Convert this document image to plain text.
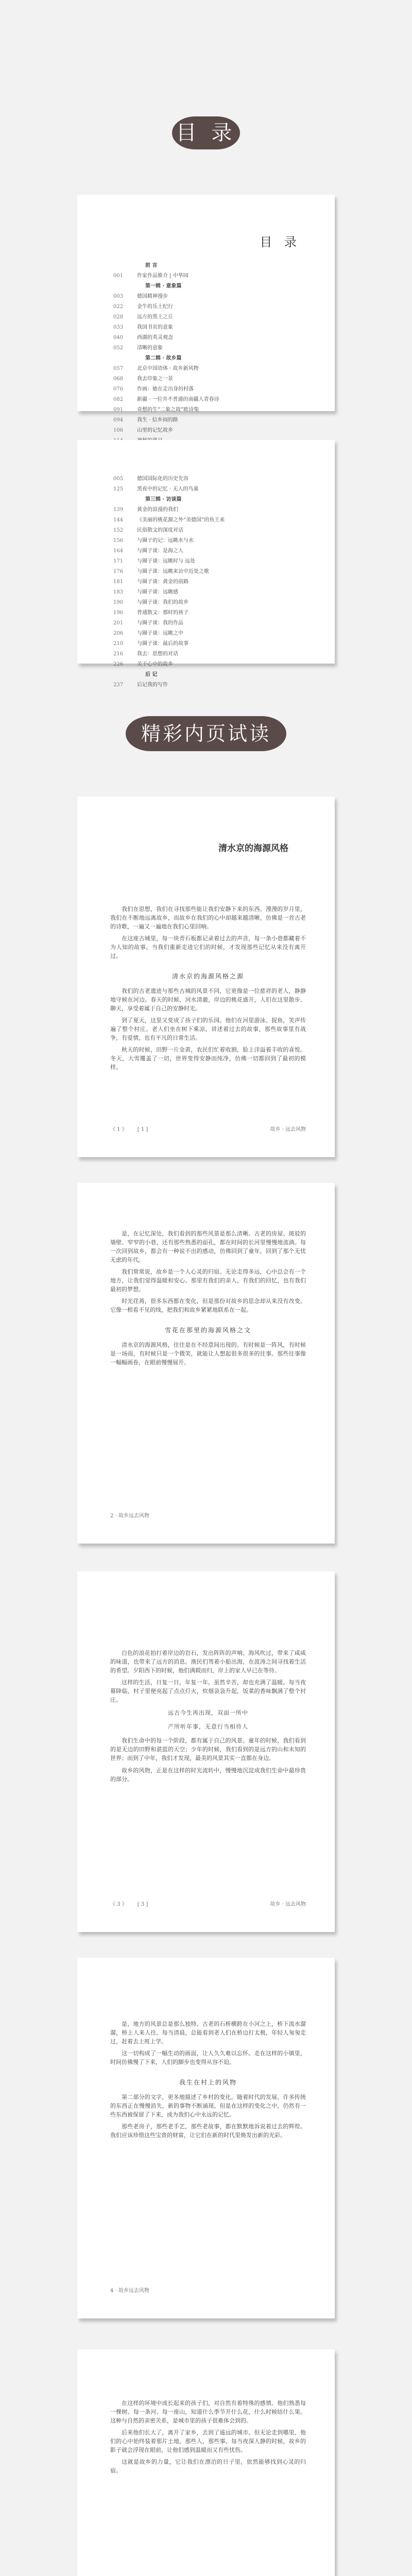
目 录
目 录
前 言
001	作家作品推介 | 中华园
第一辑 · 意象篇
003	德国精神漫步
022	金牛的乐土纪行
028	远方的黑土之丘
033	我国书页的意象
040	西湖的英灵观念
052	清晰的意象
第二辑 · 故乡篇
057	北京中国语体 · 故乡新风物
068	我去印象之一景
076	作画：她在走出身的村落
082	新疆 · 一位并不普通的南疆人青春诗
091	奇想的生“二象之故”欧诗集
094	我生 · 信乡间的路
106	山里的记忆故乡
005	德国国际化的历史先容
125	黑夜中的记忆 · 无人的鸟巢
第三辑 · 访谈篇
139	黄金的浪漫的我们
144	《美丽的桃花源之外“美德国”的鱼王来
152	民俗散文的深度对话
156	与圈子的记：远眺水与水
164	与圈子谈：是海之人
171	与圈子谈：远眺时与 远处
176	与圈子谈：远眺来访中近处之歌
181	与圈子谈：黄金的前路
183	与圈子谈：远眺感
190	与圈子谈：我们的故乡
196	普通散文：那时的孩子
201	与圈子谈：我的作品
206	与圈子谈：远眺之中
210	与圈子谈：最后的故事
216	我去：思想的对话
226	关于心中的故乡
后 记
237	后记我的写作
精彩内页试读
清水京的海源风格

我们在思想，我们在寻找那些能让我们安静下来的东西。漫漫的岁月里，我们在不断地远离故乡，而故乡在我们的心中却越来越清晰，仿佛是一首古老的诗歌，一遍又一遍地在我们心里回响。

在这座古城里，每一块青石板都记录着过去的声音，每一条小巷都藏着不为人知的故事。当我们重新走进它们的时候，才发现那些记忆从来没有离开过。

清水京的海源风格之源

我们的古老遗迹与那些古城的风景不同，它更像是一位慈祥的老人，静静地守候在河边。春天的时候，河水清澈，岸边的桃花盛开，人们在这里散步、聊天，享受着属于自己的安静时光。

到了夏天，这里又变成了孩子们的乐园。他们在河里游泳、捉鱼，笑声传遍了整个村庄。老人们坐在树下乘凉，讲述着过去的故事，那些故事里有战争，有爱情，也有平凡的日常生活。

秋天的时候，田野一片金黄，农民们忙着收割，脸上洋溢着丰收的喜悦。冬天，大雪覆盖了一切，世界变得安静而纯净，仿佛一切都回到了最初的模样。

《 1 》 [ 1 ]	故乡 · 远去风物

是，在记忆深处，我们看到的那些风景是那么清晰。古老的房屋、斑驳的墙壁、窄窄的小巷，还有那些熟悉的面孔，都在时间的长河里慢慢地流淌。每一次回到故乡，都会有一种说不出的感动，仿佛回到了童年，回到了那个无忧无虑的年代。

我们常常说，故乡是一个人心灵的归宿。无论走得多远，心中总会有一个地方，让我们觉得温暖和安心。那里有我们的亲人，有我们的回忆，也有我们最初的梦想。

时光荏苒，很多东西都在变化，但是那份对故乡的思念却从来没有改变。它像一根看不见的线，把我们和故乡紧紧地联系在一起。

雪花在那里的海源风格之文

清水京的海源风格，往往是在不经意间出现的。有时候是一阵风，有时候是一场雨，有时候只是一个微笑，就能让人想起很多很多的往事。那些往事像一幅幅画卷，在眼前慢慢展开。

2 · 故乡远去风物

白色的浪花拍打着岸边的岩石，发出阵阵的声响。海风吹过，带来了咸咸的味道，也带来了远方的消息。渔民们驾着小船出海，在波涛之间寻找着生活的希望。夕阳西下的时候，他们满载而归，岸上的家人早已在等待。

这样的生活，日复一日，年复一年。虽然辛苦，却也充满了温暖。每当夜幕降临，村子里便亮起了点点灯火，炊烟袅袅升起，饭菜的香味飘满了整个村庄。

远古今生再出现，双面一所中
产所听年事，无意行当相待人

我们生命中的每一个阶段，都有属于自己的风景。童年的时候，我们看到的是无边的田野和湛蓝的天空；少年的时候，我们看到的是远方的山和未知的世界；而到了中年，我们才发现，最美的风景其实一直都在身边。

故乡的风物，正是在这样的时光流转中，慢慢地沉淀成我们生命中最珍贵的部分。

《 3 》 [ 3 ]	故乡 · 远去风物

是，地方的风景总是那么独特。古老的石桥横跨在小河之上，桥下流水潺潺，桥上人来人往。每当清晨，总能看到老人们在桥边打太极，年轻人匆匆走过，赶着去上班上学。

这一切构成了一幅生动的画面，让人久久难以忘怀。走在这样的小镇里，时间仿佛慢了下来，人们的脚步也变得从容不迫。

我生在村上的风物

第二部分的文字，更多地描述了乡村的变化。随着时代的发展，许多传统的东西正在慢慢消失，新的事物不断涌现。但是在这样的变化之中，仍然有一些东西被保留了下来，成为我们心中永远的记忆。

那些老房子，那些老手艺，那些老故事，都在默默地诉说着过去的辉煌。我们应该珍惜这些宝贵的财富，让它们在新的时代里焕发出新的光彩。

4 · 故乡远去风物

在这样的环境中成长起来的孩子们，对自然有着特殊的感情。他们熟悉每一棵树、每一条河、每一座山，知道什么季节开什么花，什么时候结什么果。这种与自然的亲密关系，是城市里的孩子很难体会到的。

后来他们长大了，离开了家乡，去到了遥远的城市。但无论走到哪里，他们的心中始终装着那片土地，那些人，那些事。每当夜深人静的时候，故乡的影子就会浮现在眼前，让他们感到温暖而又有些忧伤。

这就是故乡的力量，它让我们在漂泊的日子里，依然能够找到心灵的归宿。
